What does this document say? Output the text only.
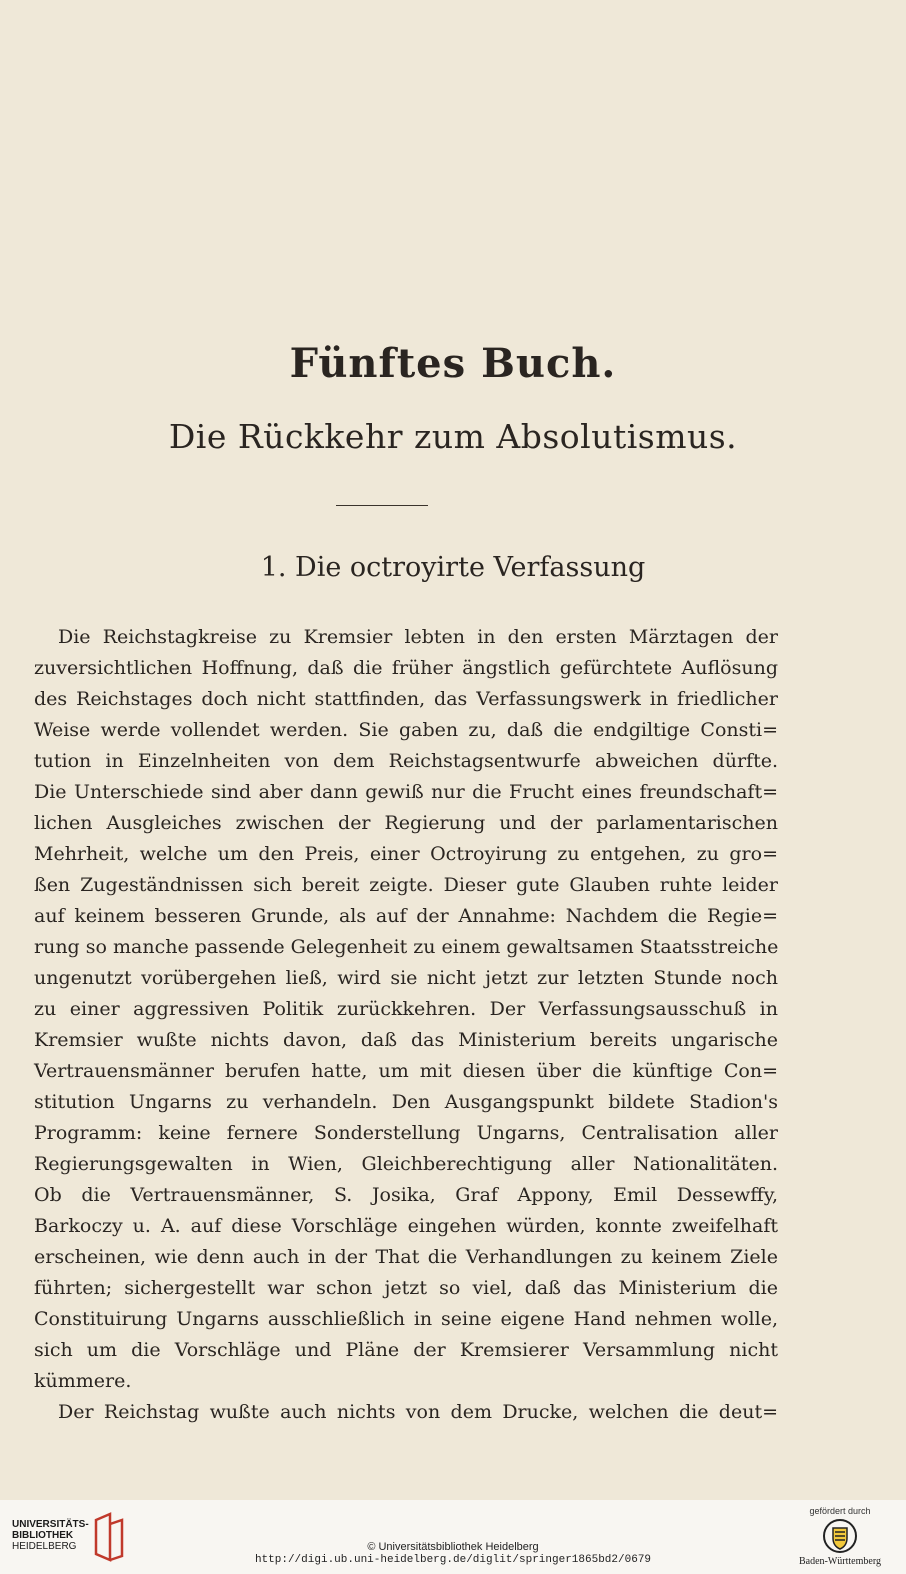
Fünftes Buch.
Die Rückkehr zum Absolutismus.
1. Die octroyirte Verfassung
Die Reichstagkreise zu Kremsier lebten in den ersten Märztagen der
zuversichtlichen Hoffnung, daß die früher ängstlich gefürchtete Auflösung
des Reichstages doch nicht stattfinden, das Verfassungswerk in friedlicher
Weise werde vollendet werden. Sie gaben zu, daß die endgiltige Consti=
tution in Einzelnheiten von dem Reichstagsentwurfe abweichen dürfte.
Die Unterschiede sind aber dann gewiß nur die Frucht eines freundschaft=
lichen Ausgleiches zwischen der Regierung und der parlamentarischen
Mehrheit, welche um den Preis, einer Octroyirung zu entgehen, zu gro=
ßen Zugeständnissen sich bereit zeigte. Dieser gute Glauben ruhte leider
auf keinem besseren Grunde, als auf der Annahme: Nachdem die Regie=
rung so manche passende Gelegenheit zu einem gewaltsamen Staatsstreiche
ungenutzt vorübergehen ließ, wird sie nicht jetzt zur letzten Stunde noch
zu einer aggressiven Politik zurückkehren. Der Verfassungsausschuß in
Kremsier wußte nichts davon, daß das Ministerium bereits ungarische
Vertrauensmänner berufen hatte, um mit diesen über die künftige Con=
stitution Ungarns zu verhandeln. Den Ausgangspunkt bildete Stadion's
Programm: keine fernere Sonderstellung Ungarns, Centralisation aller
Regierungsgewalten in Wien, Gleichberechtigung aller Nationalitäten.
Ob die Vertrauensmänner, S. Josika, Graf Appony, Emil Dessewffy,
Barkoczy u. A. auf diese Vorschläge eingehen würden, konnte zweifelhaft
erscheinen, wie denn auch in der That die Verhandlungen zu keinem Ziele
führten; sichergestellt war schon jetzt so viel, daß das Ministerium die
Constituirung Ungarns ausschließlich in seine eigene Hand nehmen wolle,
sich um die Vorschläge und Pläne der Kremsierer Versammlung nicht
kümmere.
Der Reichstag wußte auch nichts von dem Drucke, welchen die deut=
UNIVERSITÄTS-
BIBLIOTHEK
HEIDELBERG	© Universitätsbibliothek Heidelberg
http://digi.ub.uni-heidelberg.de/diglit/springer1865bd2/0679
gefördert durch
Baden-Württemberg
